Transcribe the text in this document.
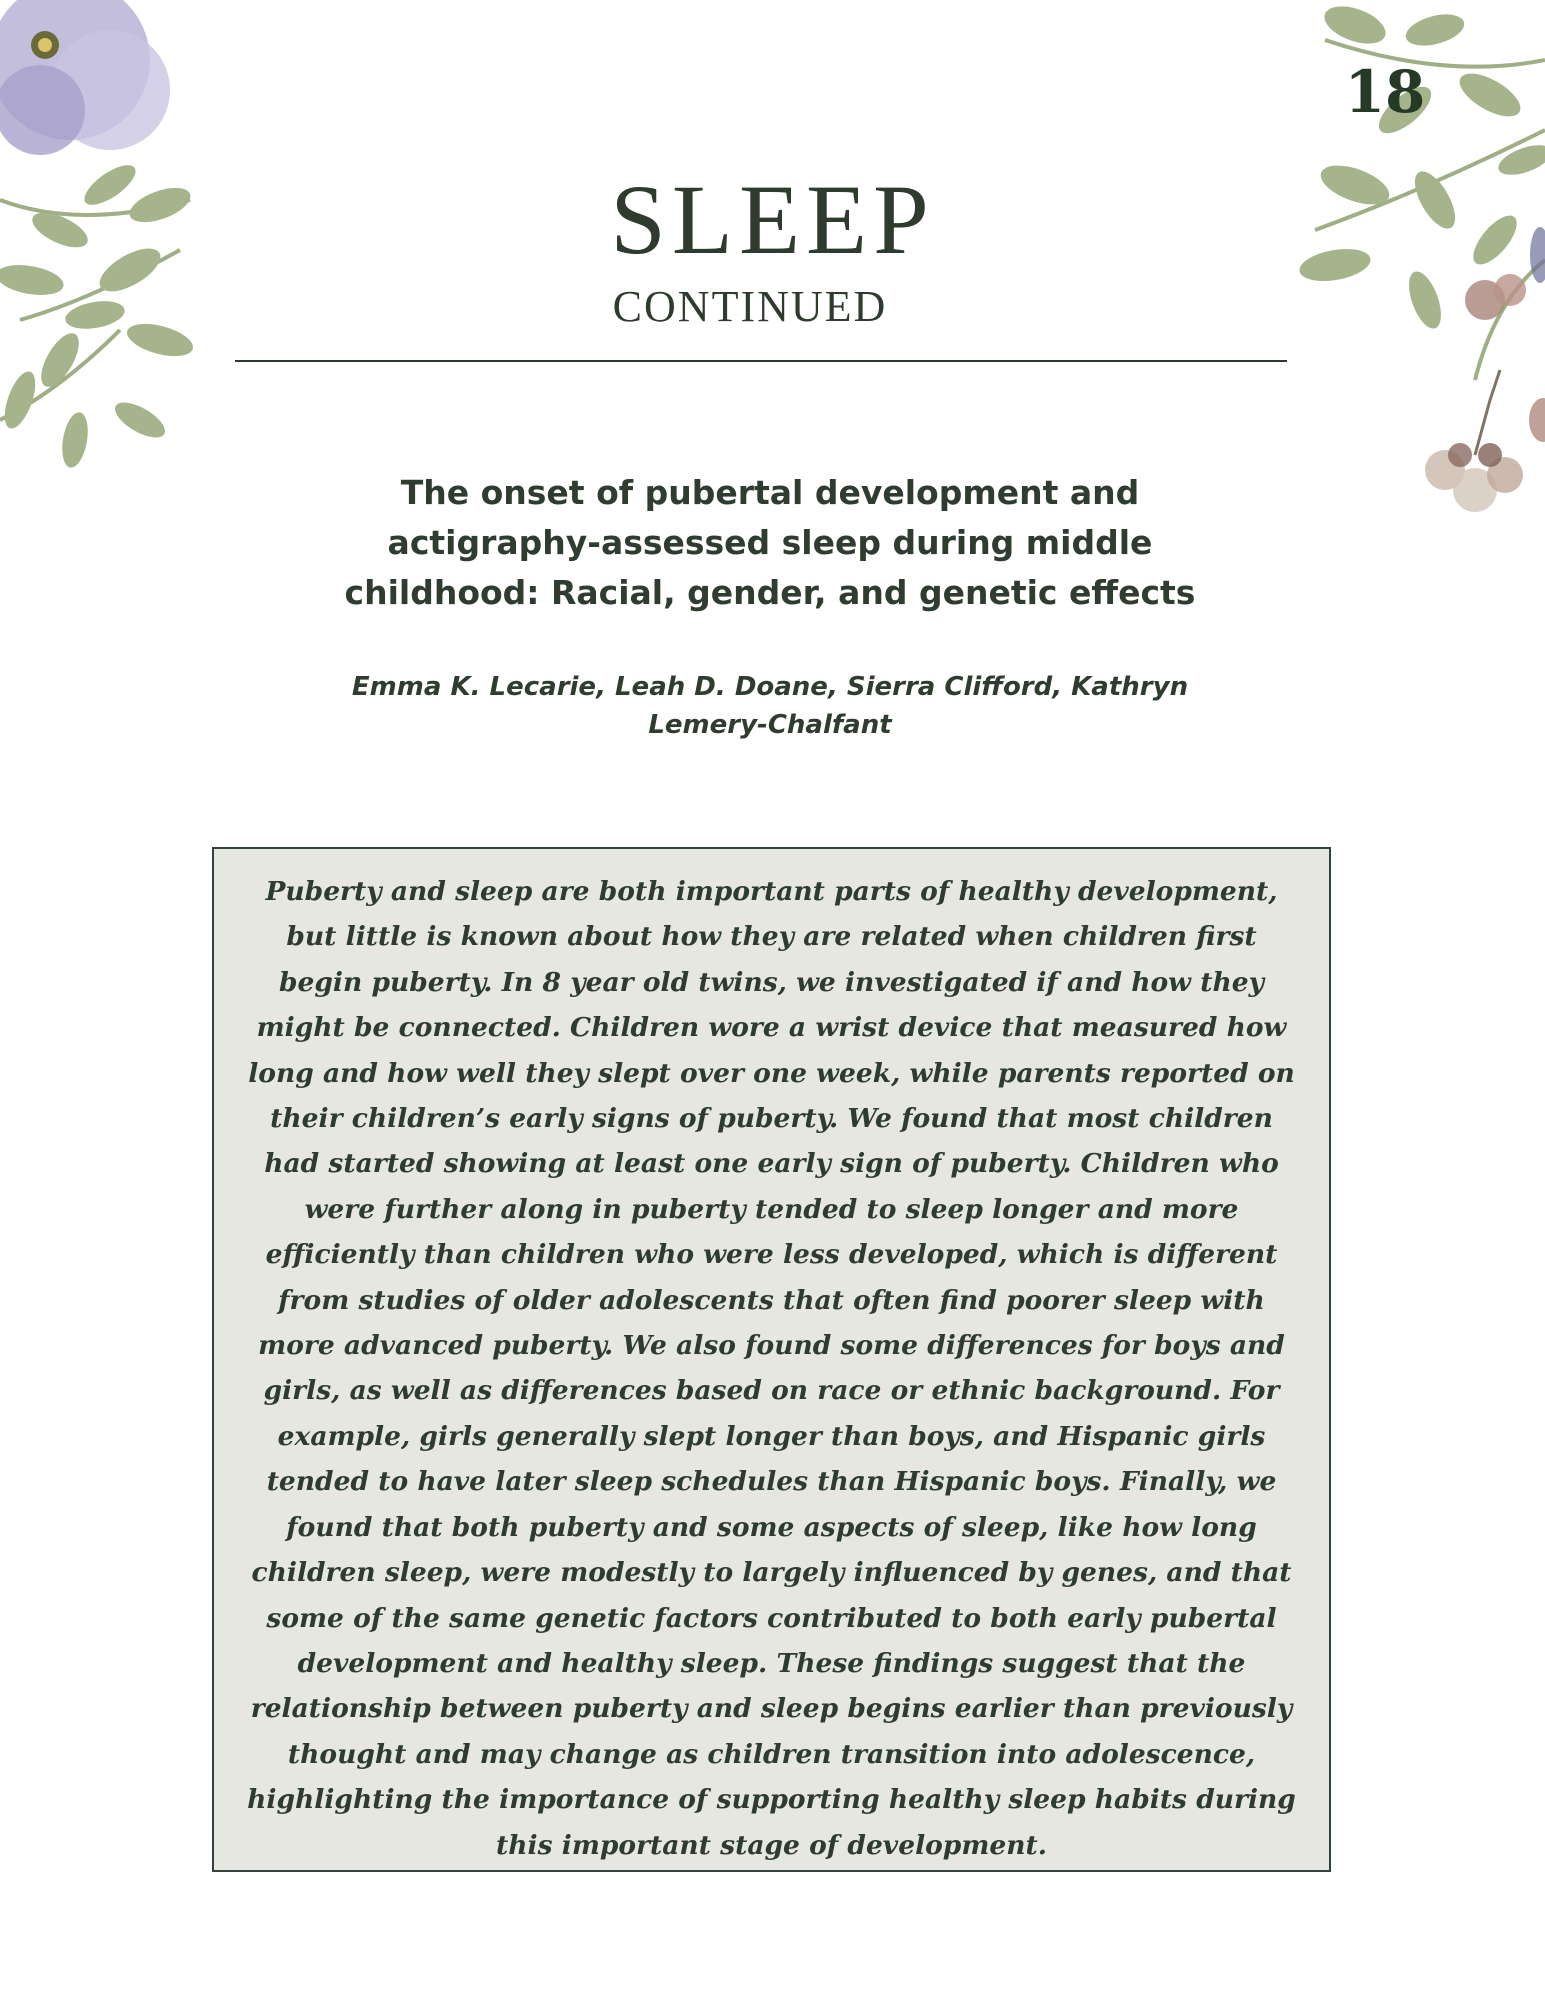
18
SLEEP
CONTINUED
The onset of pubertal development and actigraphy-assessed sleep during middle childhood: Racial, gender, and genetic effects
Emma K. Lecarie, Leah D. Doane, Sierra Clifford, Kathryn Lemery-Chalfant

Puberty and sleep are both important parts of healthy development, but little is known about how they are related when children first begin puberty. In 8 year old twins, we investigated if and how they might be connected. Children wore a wrist device that measured how long and how well they slept over one week, while parents reported on their children’s early signs of puberty. We found that most children had started showing at least one early sign of puberty. Children who were further along in puberty tended to sleep longer and more efficiently than children who were less developed, which is different from studies of older adolescents that often find poorer sleep with more advanced puberty. We also found some differences for boys and girls, as well as differences based on race or ethnic background. For example, girls generally slept longer than boys, and Hispanic girls tended to have later sleep schedules than Hispanic boys. Finally, we found that both puberty and some aspects of sleep, like how long children sleep, were modestly to largely influenced by genes, and that some of the same genetic factors contributed to both early pubertal development and healthy sleep. These findings suggest that the relationship between puberty and sleep begins earlier than previously thought and may change as children transition into adolescence, highlighting the importance of supporting healthy sleep habits during this important stage of development.
